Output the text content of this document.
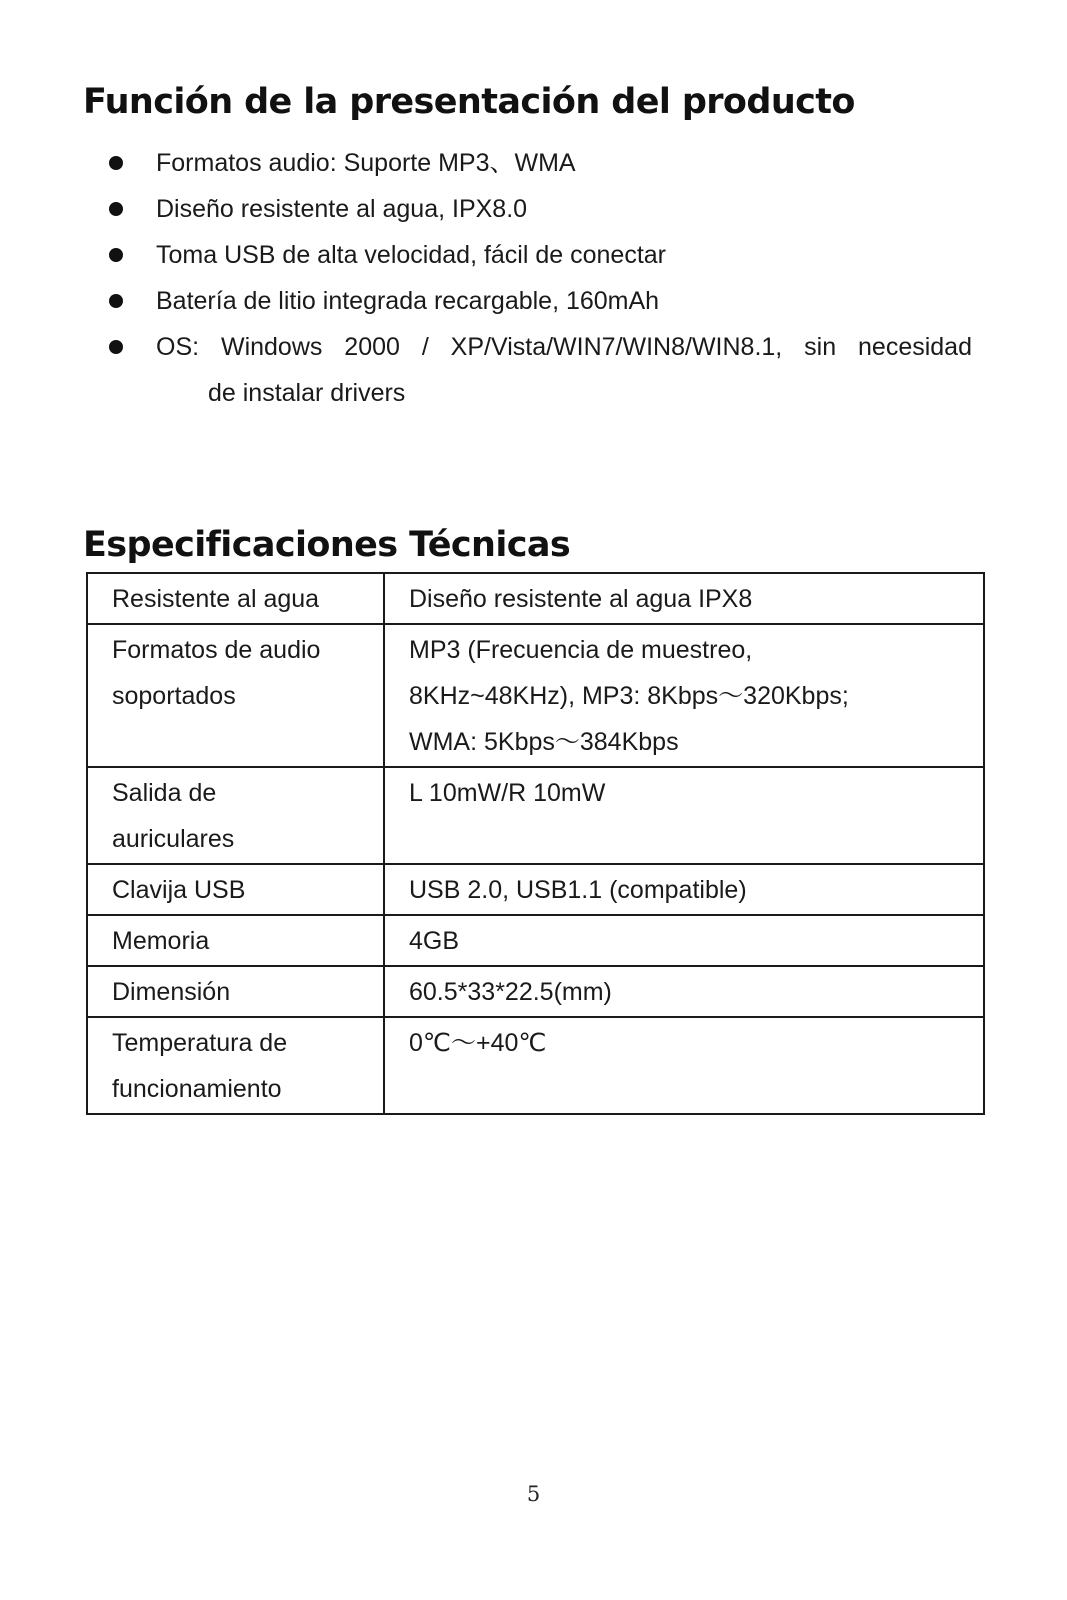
Función de la presentación del producto
Formatos audio: Suporte MP3、WMA
Diseño resistente al agua, IPX8.0
Toma USB de alta velocidad, fácil de conectar
Batería de litio integrada recargable, 160mAh
OS: Windows 2000 / XP/Vista/WIN7/WIN8/WIN8.1, sin necesidad
de instalar drivers
Especificaciones Técnicas
Resistente al agua	Diseño resistente al agua IPX8

Formatos de audio
soportados	MP3 (Frecuencia de muestreo,
8KHz~48KHz), MP3: 8Kbps～320Kbps;
WMA: 5Kbps～384Kbps

Salida de
auriculares	L 10mW/R 10mW

Clavija USB	USB 2.0, USB1.1 (compatible)

Memoria	4GB

Dimensión	60.5*33*22.5(mm)

Temperatura de
funcionamiento	0℃～+40℃
5
